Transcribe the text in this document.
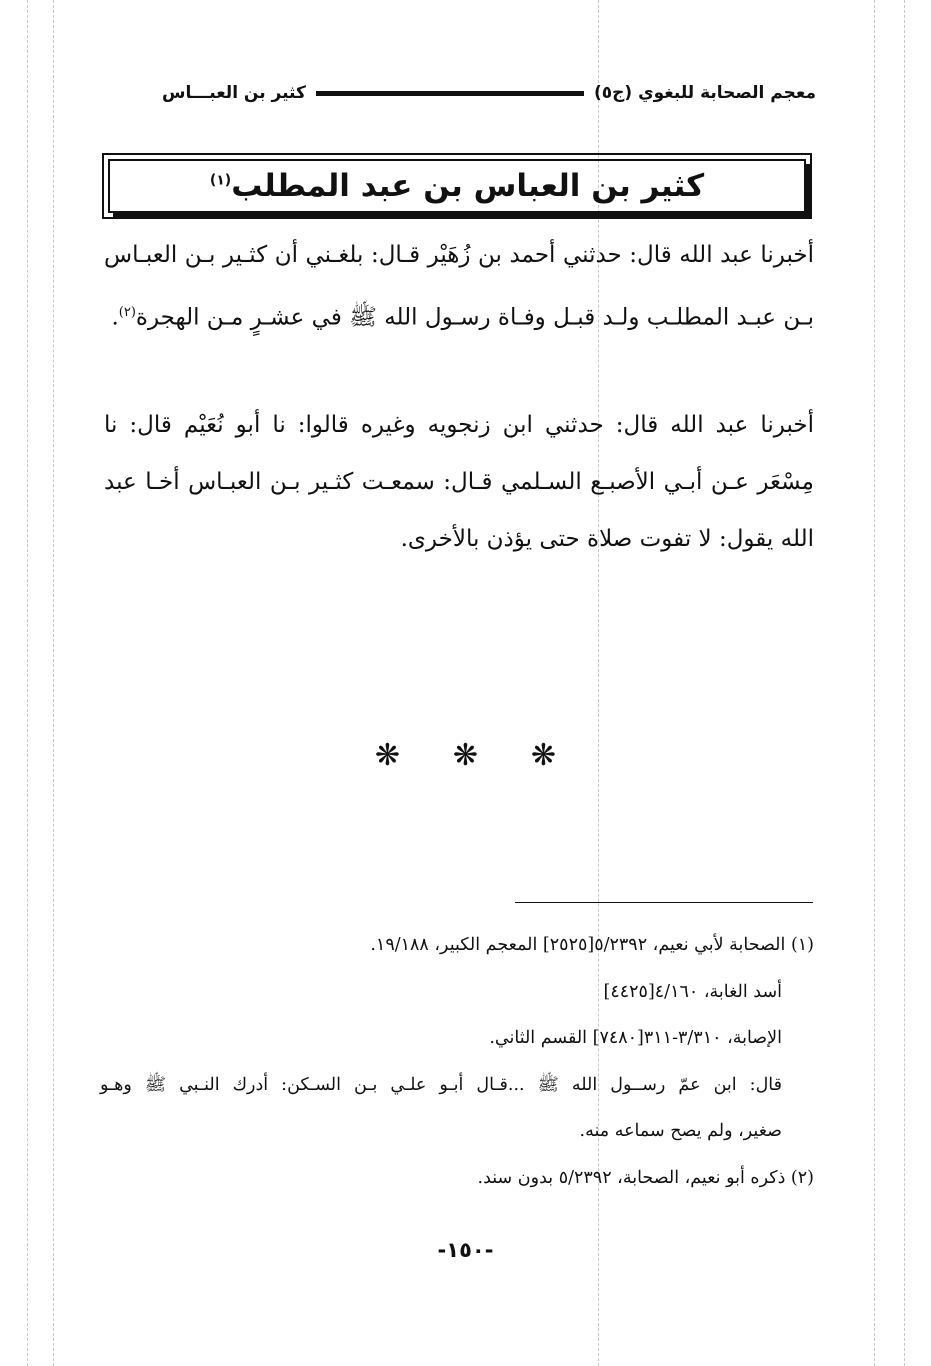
معجم الصحابة للبغوي (ج٥)
كثير بن العبـــاس
كثير بن العباس بن عبد المطلب$^{(١)}$

أخبرنا عبد الله قال: حدثني أحمد بن زُهَيْر قـال: بلغـني أن كثـير بـن العبـاس بـن عبـد المطلـب ولـد قبـل وفـاة رسـول الله ﷺ في عشـرٍ مـن الهجرة$^{(٢)}$.

أخبرنا عبد الله قال: حدثني ابن زنجويه وغيره قالوا: نا أبو نُعَيْم قال: نا مِسْعَر عـن أبـي الأصبـع السـلمي قـال: سمعـت كثـير بـن العبـاس أخـا عبد الله يقول: لا تفوت صلاة حتى يؤذن بالأخرى.

❋ ❋ ❋

(١) الصحابة لأبي نعيم، ٥/٢٣٩٢[٢٥٢٥] المعجم الكبير، ١٩/١٨٨.

أسد الغابة، ٤/١٦٠[٤٤٢٥]

الإصابة، ٣/٣١٠-٣١١[٧٤٨٠] القسم الثاني.

قال: ابن عمّ رســول الله ﷺ ...قـال أبـو علـي بـن السـكن: أدرك النـبي ﷺ وهـو

صغير، ولم يصح سماعه منه.

(٢) ذكره أبو نعيم، الصحابة، ٥/٢٣٩٢ بدون سند.

-١٥٠-
